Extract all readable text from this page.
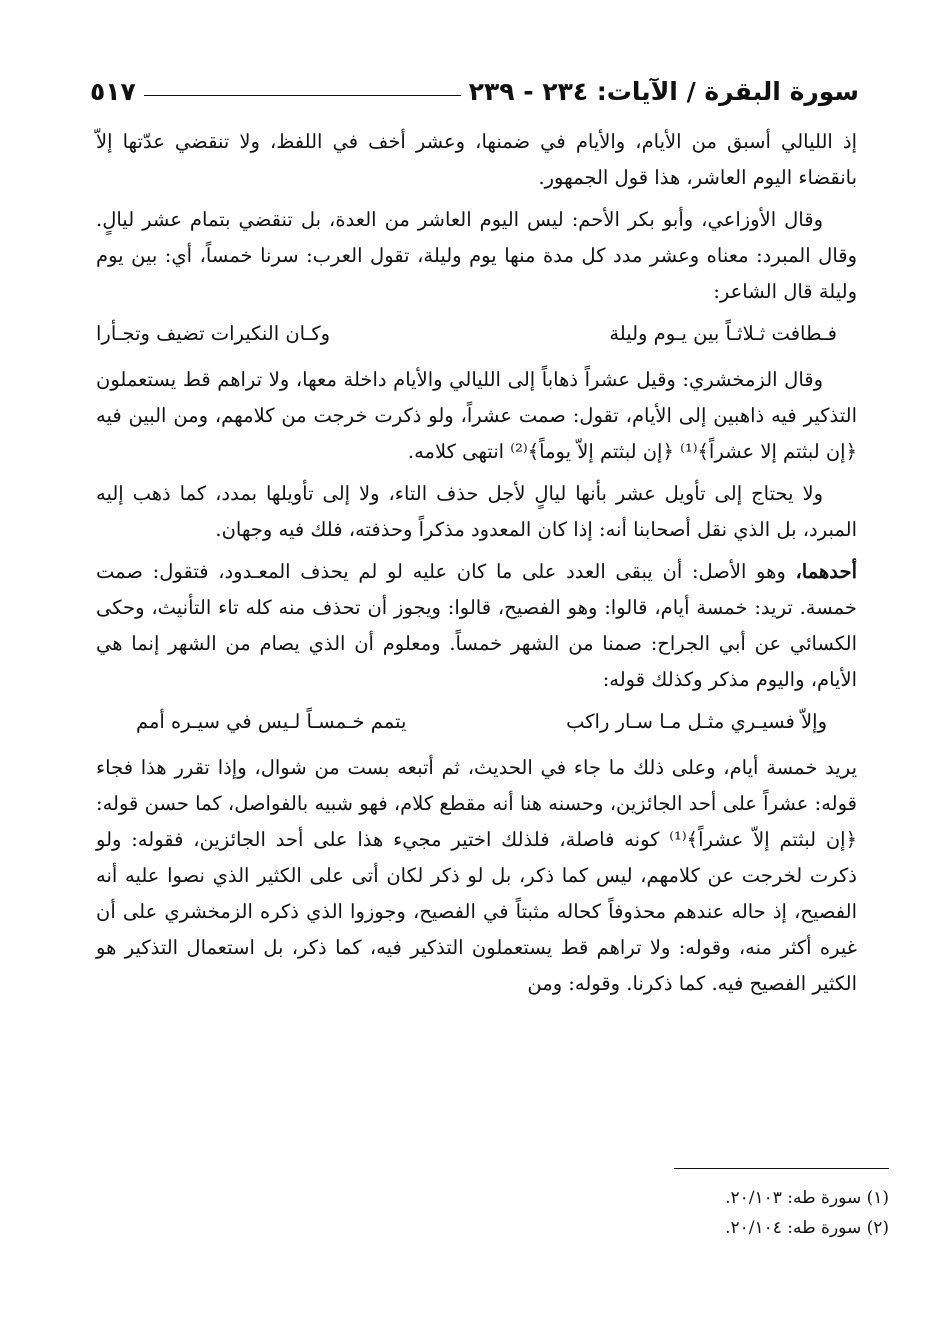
سورة البقرة / الآيات: ٢٣٤ - ٢٣٩
٥١٧

إذ الليالي أسبق من الأيام، والأيام في ضمنها، وعشر أخف في اللفظ، ولا تنقضي عدّتها إلاّ بانقضاء اليوم العاشر، هذا قول الجمهور.

وقال الأوزاعي، وأبو بكر الأحم: ليس اليوم العاشر من العدة، بل تنقضي بتمام عشر ليالٍ. وقال المبرد: معناه وعشر مدد كل مدة منها يوم وليلة، تقول العرب: سرنا خمساً، أي: بين يوم وليلة قال الشاعر:

فـطافت ثـلاثـاً بين يـوم وليلة
وكـان النكيرات تضيف وتجـأرا

وقال الزمخشري: وقيل عشراً ذهاباً إلى الليالي والأيام داخلة معها، ولا تراهم قط يستعملون التذكير فيه ذاهبين إلى الأيام، تقول: صمت عشراً، ولو ذكرت خرجت من كلامهم، ومن البين فيه ﴿إن لبثتم إلا عشراً﴾⁽¹⁾ ﴿إن لبثتم إلاّ يوماً﴾⁽²⁾ انتهى كلامه.

ولا يحتاج إلى تأويل عشر بأنها ليالٍ لأجل حذف التاء، ولا إلى تأويلها بمدد، كما ذهب إليه المبرد، بل الذي نقل أصحابنا أنه: إذا كان المعدود مذكراً وحذفته، فلك فيه وجهان.

أحدهما، وهو الأصل: أن يبقى العدد على ما كان عليه لو لم يحذف المعـدود، فتقول: صمت خمسة. تريد: خمسة أيام، قالوا: وهو الفصيح، قالوا: ويجوز أن تحذف منه كله تاء التأنيث، وحكى الكسائي عن أبي الجراح: صمنا من الشهر خمساً. ومعلوم أن الذي يصام من الشهر إنما هي الأيام، واليوم مذكر وكذلك قوله:

وإلاّ فسيـري مثـل مـا سـار راكب
يتمم خـمسـاً لـيس في سيـره أمم

يريد خمسة أيام، وعلى ذلك ما جاء في الحديث، ثم أتبعه بست من شوال، وإذا تقرر هذا فجاء قوله: عشراً على أحد الجائزين، وحسنه هنا أنه مقطع كلام، فهو شبيه بالفواصل، كما حسن قوله: ﴿إن لبثتم إلاّ عشراً﴾⁽¹⁾ كونه فاصلة، فلذلك اختير مجيء هذا على أحد الجائزين، فقوله: ولو ذكرت لخرجت عن كلامهم، ليس كما ذكر، بل لو ذكر لكان أتى على الكثير الذي نصوا عليه أنه الفصيح، إذ حاله عندهم محذوفاً كحاله مثبتاً في الفصيح، وجوزوا الذي ذكره الزمخشري على أن غيره أكثر منه، وقوله: ولا تراهم قط يستعملون التذكير فيه، كما ذكر، بل استعمال التذكير هو الكثير الفصيح فيه. كما ذكرنا. وقوله: ومن

(١) سورة طه: ٢٠/١٠٣.

(٢) سورة طه: ٢٠/١٠٤.
